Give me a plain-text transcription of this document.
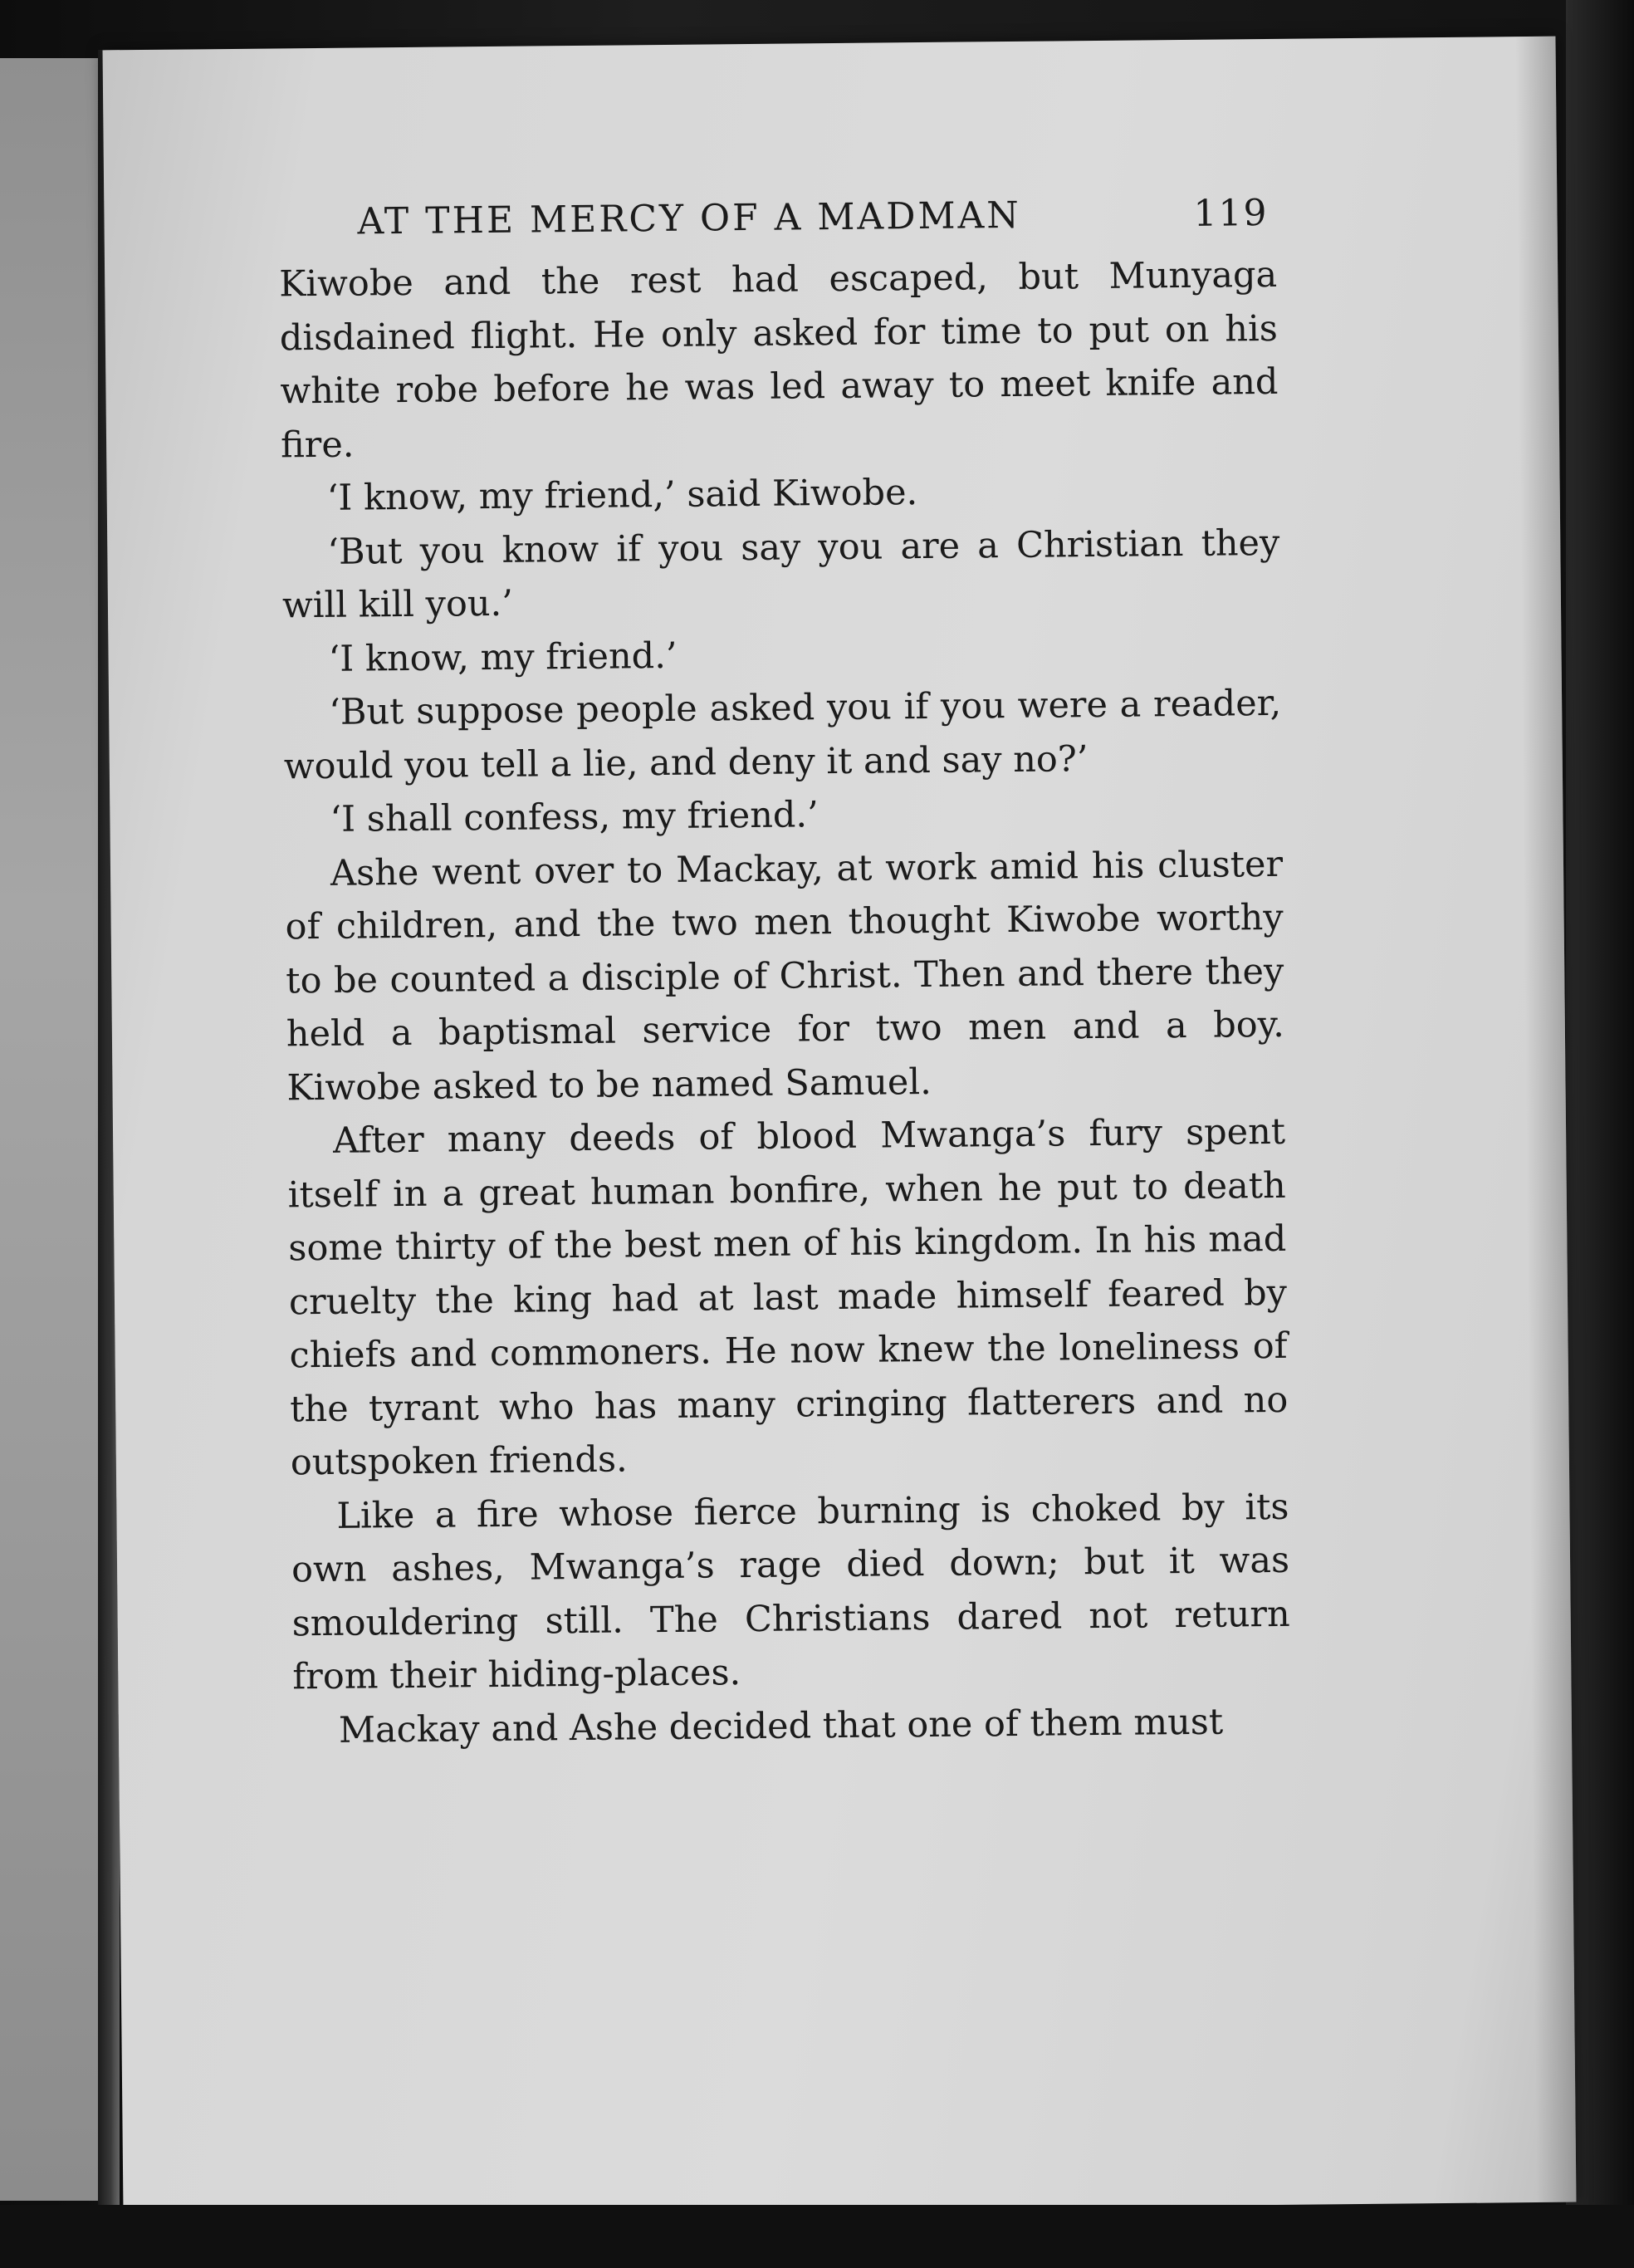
AT THE MERCY OF A MADMAN	119

Kiwobe and the rest had escaped, but Munyaga disdained flight. He only asked for time to put on his white robe before he was led away to meet knife and fire.

‘I know, my friend,’ said Kiwobe.

‘But you know if you say you are a Christian they will kill you.’

‘I know, my friend.’

‘But suppose people asked you if you were a reader, would you tell a lie, and deny it and say no?’

‘I shall confess, my friend.’

Ashe went over to Mackay, at work amid his cluster of children, and the two men thought Kiwobe worthy to be counted a disciple of Christ. Then and there they held a baptismal service for two men and a boy. Kiwobe asked to be named Samuel.

After many deeds of blood Mwanga’s fury spent itself in a great human bonfire, when he put to death some thirty of the best men of his kingdom. In his mad cruelty the king had at last made himself feared by chiefs and commoners. He now knew the loneliness of the tyrant who has many cringing flatterers and no outspoken friends.

Like a fire whose fierce burning is choked by its own ashes, Mwanga’s rage died down; but it was smouldering still. The Christians dared not return from their hiding-places.

Mackay and Ashe decided that one of them must
